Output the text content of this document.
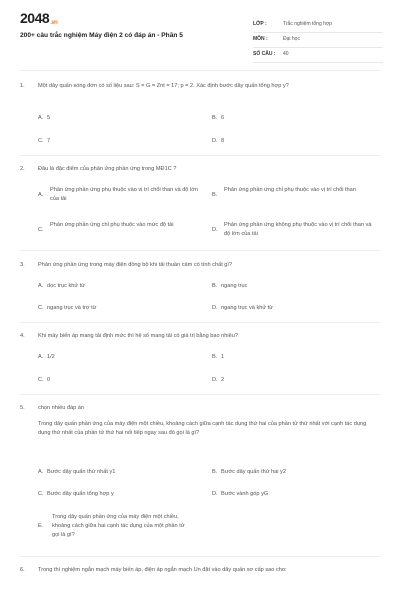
2048.vn
200+ câu trắc nghiệm Máy điện 2 có đáp án - Phần 5
LỚP :	Trắc nghiệm tổng hợp
MÔN :	Đại học
SỐ CÂU : 40
1. Một dây quấn sóng đơn có số liệu sau: S = G = Znt = 17; p = 2. Xác định bước dây quấn tổng hợp y?
A. 5	B. 6
C. 7	D. 8
2. Đâu là đặc điểm của phản ứng phần ứng trong MĐ1C ?
A.
Phản ứng phần ứng phụ thuộc vào vị trí chổi than và độ lớn của tải
B.
Phản ứng phần ứng chỉ phụ thuộc vào vị trí chổi than
C.
Phản ứng phần ứng chỉ phụ thuộc vào mức độ tải
D.
Phản ứng phần ứng không phụ thuộc vào vị trí chổi than và độ lớn của tải
3. Phản ứng phần ứng trong máy điện đồng bộ khi tải thuần cảm có tính chất gì?
A. dọc trục khử từ	B. ngang trục
C. ngang trục và trợ từ	D. ngang trục và khử từ
4. Khi máy biến áp mang tải định mức thì hệ số mang tải có giá trị bằng bao nhiêu?
A. 1/2	B. 1
C. 0	D. 2
5. chọn nhiều đáp án
Trong dây quấn phần ứng của máy điện một chiều, khoảng cách giữa cạnh tác dụng thứ hai của phần tử thứ nhất với cạnh tác dụng dụng thứ nhất của phần tử thứ hai nối tiếp ngay sau đó gọi là gì?
A. Bước dây quấn thứ nhất y1	B. Bước dây quấn thứ hai y2
C. Bước dây quấn tổng hợp y	D. Bước vành góp yG
E.
Trong dây quấn phần ứng của máy điện một chiều, khoảng cách giữa hai cạnh tác dụng của một phần tử gọi là gì?
6. Trong thí nghiệm ngắn mạch máy biến áp, điện áp ngắn mạch Un đặt vào dây quấn sơ cấp sao cho:
